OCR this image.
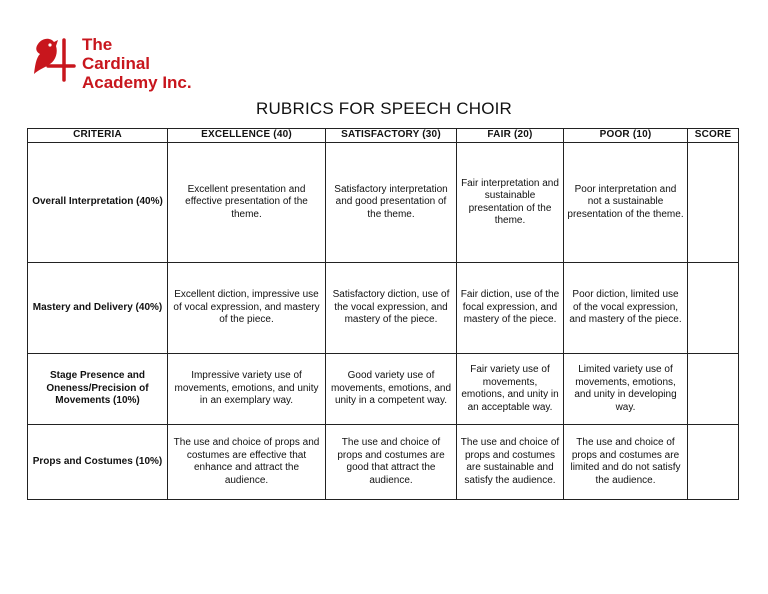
The
Cardinal
Academy Inc.
RUBRICS FOR SPEECH CHOIR
CRITERIA	EXCELLENCE (40)	SATISFACTORY (30)	FAIR (20)	POOR (10)	SCORE
Overall Interpretation (40%)	Excellent presentation and effective presentation of the theme.	Satisfactory interpretation and good presentation of the theme.	Fair interpretation and sustainable presentation of the theme.	Poor interpretation and not a sustainable presentation of the theme.	
Mastery and Delivery (40%)	Excellent diction, impressive use of vocal expression, and mastery of the piece.	Satisfactory diction, use of the vocal expression, and mastery of the piece.	Fair diction, use of the focal expression, and mastery of the piece.	Poor diction, limited use of the vocal expression, and mastery of the piece.	
Stage Presence and Oneness/Precision of Movements (10%)	Impressive variety use of movements, emotions, and unity in an exemplary way.	Good variety use of movements, emotions, and unity in a competent way.	Fair variety use of movements, emotions, and unity in an acceptable way.	Limited variety use of movements, emotions, and unity in developing way.	
Props and Costumes (10%)	The use and choice of props and costumes are effective that enhance and attract the audience.	The use and choice of props and costumes are good that attract the audience.	The use and choice of props and costumes are sustainable and satisfy the audience.	The use and choice of props and costumes are limited and do not satisfy the audience.	
